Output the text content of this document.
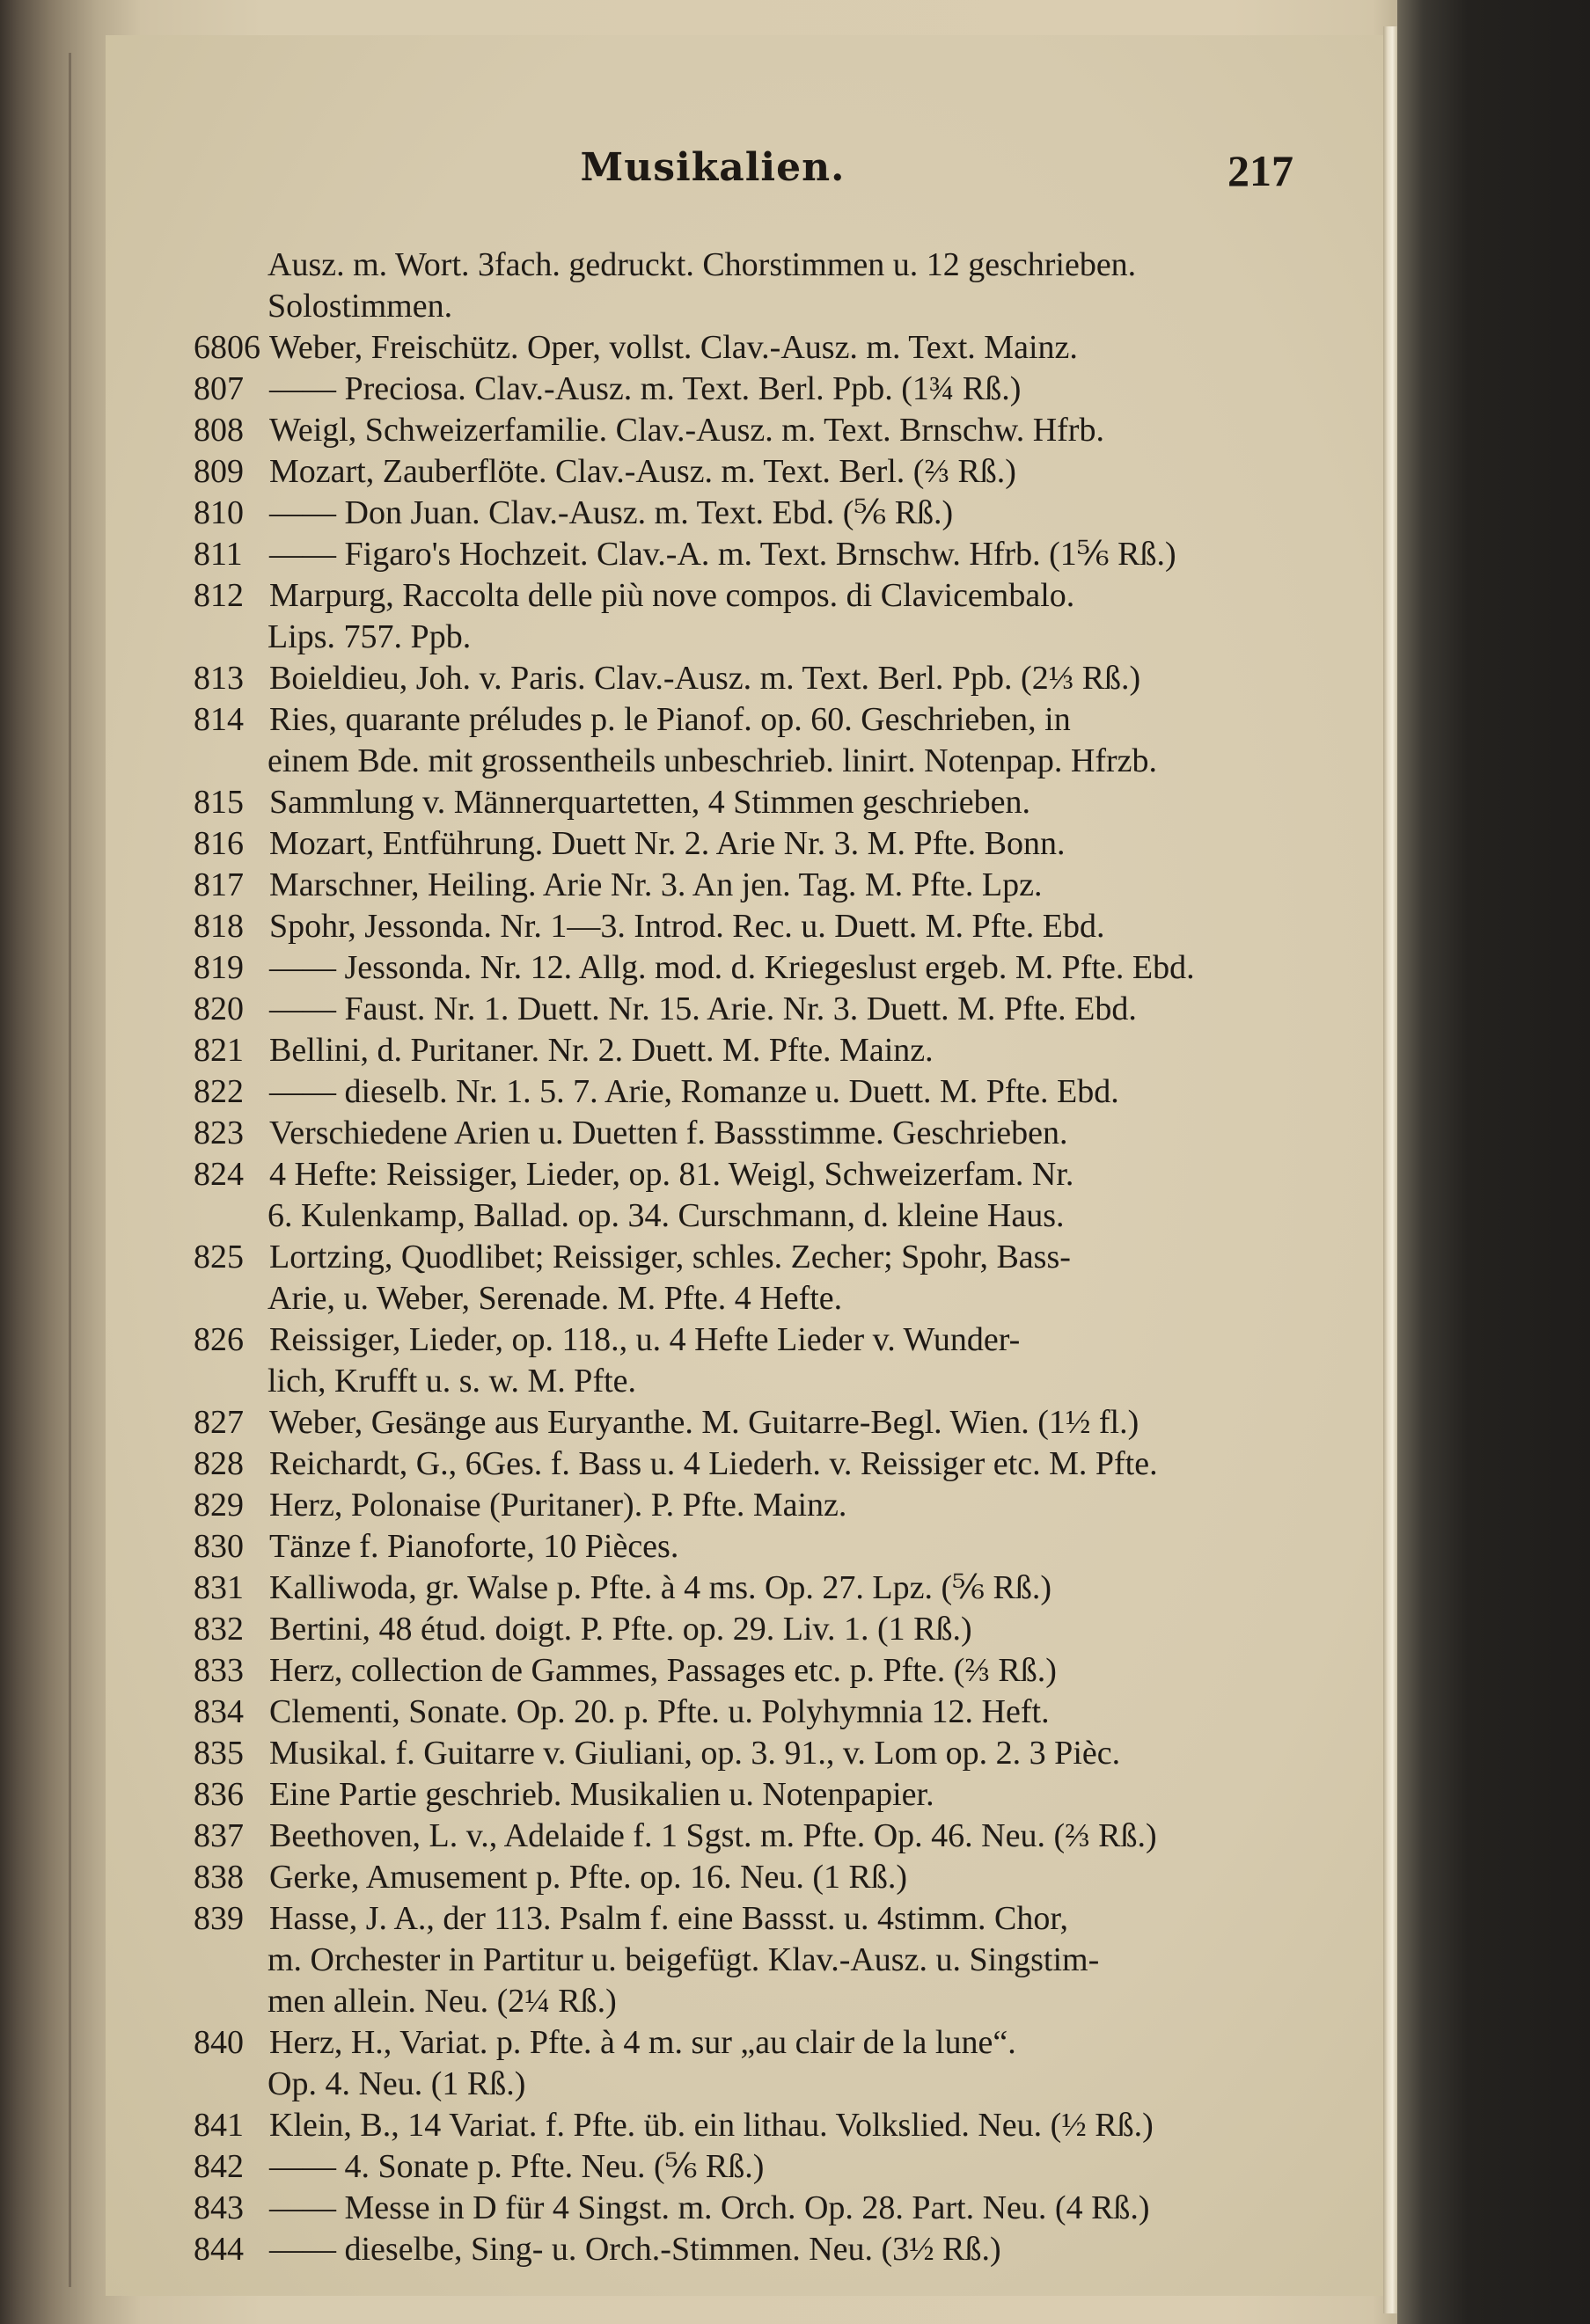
Musikalien.	217
Ausz. m. Wort. 3fach. gedruckt. Chorstimmen u. 12 geschrieben.
Solostimmen.
6806 Weber, Freischütz. Oper, vollst. Clav.-Ausz. m. Text. Mainz.
807 —— Preciosa. Clav.-Ausz. m. Text. Berl. Ppb. (1¾ Rß.)
808 Weigl, Schweizerfamilie. Clav.-Ausz. m. Text. Brnschw. Hfrb.
809 Mozart, Zauberflöte. Clav.-Ausz. m. Text. Berl. (⅔ Rß.)
810 —— Don Juan. Clav.-Ausz. m. Text. Ebd. (⅚ Rß.)
811 —— Figaro's Hochzeit. Clav.-A. m. Text. Brnschw. Hfrb. (1⅚ Rß.)
812 Marpurg, Raccolta delle più nove compos. di Clavicembalo.
Lips. 757. Ppb.
813 Boieldieu, Joh. v. Paris. Clav.-Ausz. m. Text. Berl. Ppb. (2⅓ Rß.)
814 Ries, quarante préludes p. le Pianof. op. 60. Geschrieben, in
einem Bde. mit grossentheils unbeschrieb. linirt. Notenpap. Hfrzb.
815 Sammlung v. Männerquartetten, 4 Stimmen geschrieben.
816 Mozart, Entführung. Duett Nr. 2. Arie Nr. 3. M. Pfte. Bonn.
817 Marschner, Heiling. Arie Nr. 3. An jen. Tag. M. Pfte. Lpz.
818 Spohr, Jessonda. Nr. 1—3. Introd. Rec. u. Duett. M. Pfte. Ebd.
819 —— Jessonda. Nr. 12. Allg. mod. d. Kriegeslust ergeb. M. Pfte. Ebd.
820 —— Faust. Nr. 1. Duett. Nr. 15. Arie. Nr. 3. Duett. M. Pfte. Ebd.
821 Bellini, d. Puritaner. Nr. 2. Duett. M. Pfte. Mainz.
822 —— dieselb. Nr. 1. 5. 7. Arie, Romanze u. Duett. M. Pfte. Ebd.
823 Verschiedene Arien u. Duetten f. Bassstimme. Geschrieben.
824 4 Hefte: Reissiger, Lieder, op. 81. Weigl, Schweizerfam. Nr.
6. Kulenkamp, Ballad. op. 34. Curschmann, d. kleine Haus.
825 Lortzing, Quodlibet; Reissiger, schles. Zecher; Spohr, Bass-
Arie, u. Weber, Serenade. M. Pfte. 4 Hefte.
826 Reissiger, Lieder, op. 118., u. 4 Hefte Lieder v. Wunder-
lich, Krufft u. s. w. M. Pfte.
827 Weber, Gesänge aus Euryanthe. M. Guitarre-Begl. Wien. (1½ fl.)
828 Reichardt, G., 6Ges. f. Bass u. 4 Liederh. v. Reissiger etc. M. Pfte.
829 Herz, Polonaise (Puritaner). P. Pfte. Mainz.
830 Tänze f. Pianoforte, 10 Pièces.
831 Kalliwoda, gr. Walse p. Pfte. à 4 ms. Op. 27. Lpz. (⅚ Rß.)
832 Bertini, 48 étud. doigt. P. Pfte. op. 29. Liv. 1. (1 Rß.)
833 Herz, collection de Gammes, Passages etc. p. Pfte. (⅔ Rß.)
834 Clementi, Sonate. Op. 20. p. Pfte. u. Polyhymnia 12. Heft.
835 Musikal. f. Guitarre v. Giuliani, op. 3. 91., v. Lom op. 2. 3 Pièc.
836 Eine Partie geschrieb. Musikalien u. Notenpapier.
837 Beethoven, L. v., Adelaide f. 1 Sgst. m. Pfte. Op. 46. Neu. (⅔ Rß.)
838 Gerke, Amusement p. Pfte. op. 16. Neu. (1 Rß.)
839 Hasse, J. A., der 113. Psalm f. eine Bassst. u. 4stimm. Chor,
m. Orchester in Partitur u. beigefügt. Klav.-Ausz. u. Singstim-
men allein. Neu. (2¼ Rß.)
840 Herz, H., Variat. p. Pfte. à 4 m. sur „au clair de la lune“.
Op. 4. Neu. (1 Rß.)
841 Klein, B., 14 Variat. f. Pfte. üb. ein lithau. Volkslied. Neu. (½ Rß.)
842 —— 4. Sonate p. Pfte. Neu. (⅚ Rß.)
843 —— Messe in D für 4 Singst. m. Orch. Op. 28. Part. Neu. (4 Rß.)
844 —— dieselbe, Sing- u. Orch.-Stimmen. Neu. (3½ Rß.)
